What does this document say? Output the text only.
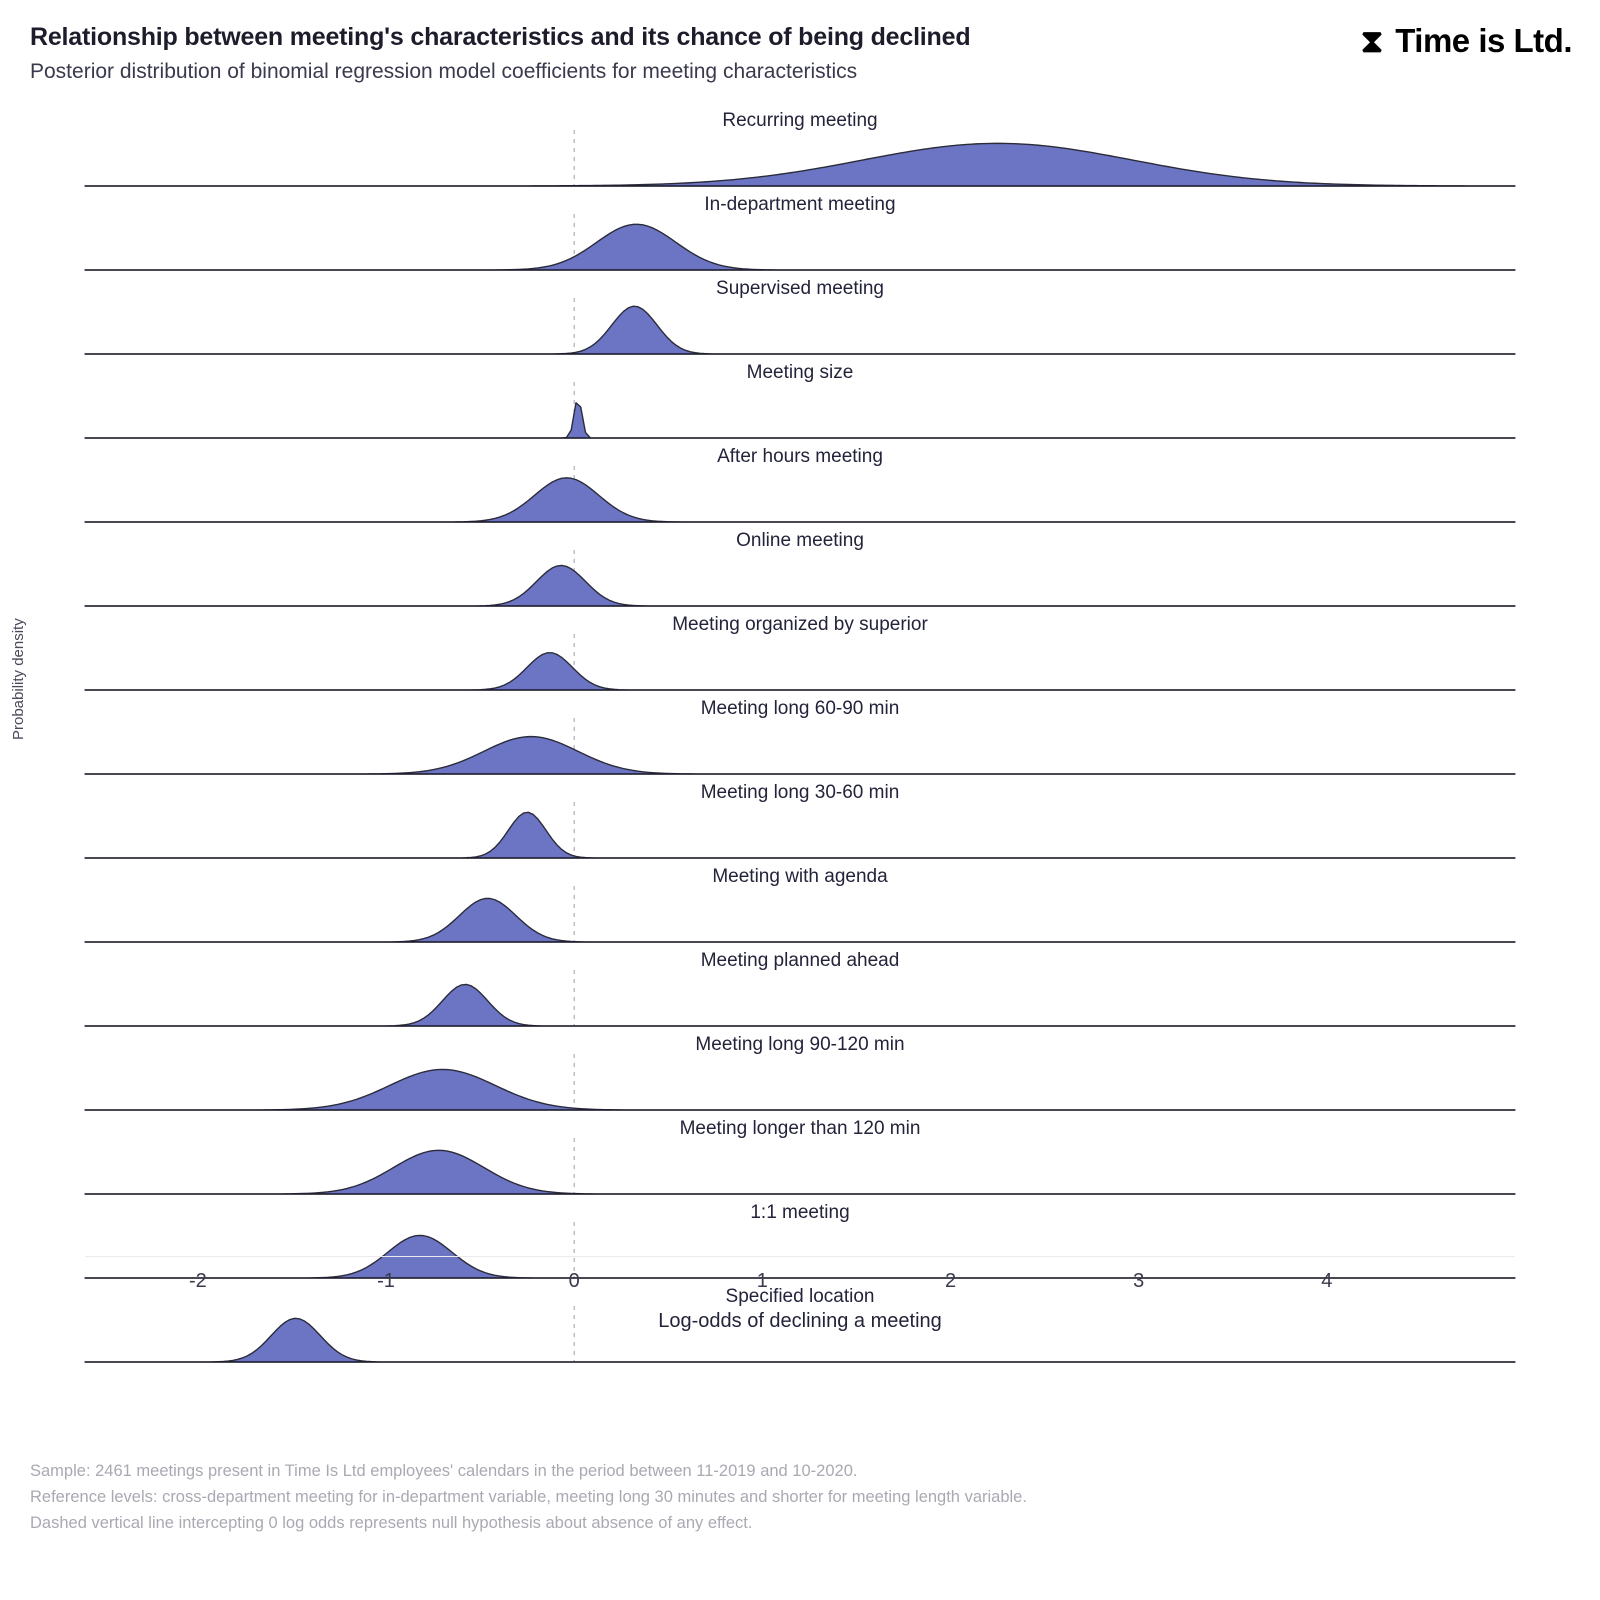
Relationship between meeting's characteristics and its chance of being declined
Posterior distribution of binomial regression model coefficients for meeting characteristics
⧗ Time is Ltd.
Probability density
Recurring meeting
In-department meeting
Supervised meeting
Meeting size
After hours meeting
Online meeting
Meeting organized by superior
Meeting long 60-90 min
Meeting long 30-60 min
Meeting with agenda
Meeting planned ahead
Meeting long 90-120 min
Meeting longer than 120 min
1:1 meeting
Specified location
-2	-1	0	1	2	3	4
Log-odds of declining a meeting
Sample: 2461 meetings present in Time Is Ltd employees' calendars in the period between 11-2019 and 10-2020.
Reference levels: cross-department meeting for in-department variable, meeting long 30 minutes and shorter for meeting length variable.
Dashed vertical line intercepting 0 log odds represents null hypothesis about absence of any effect.
